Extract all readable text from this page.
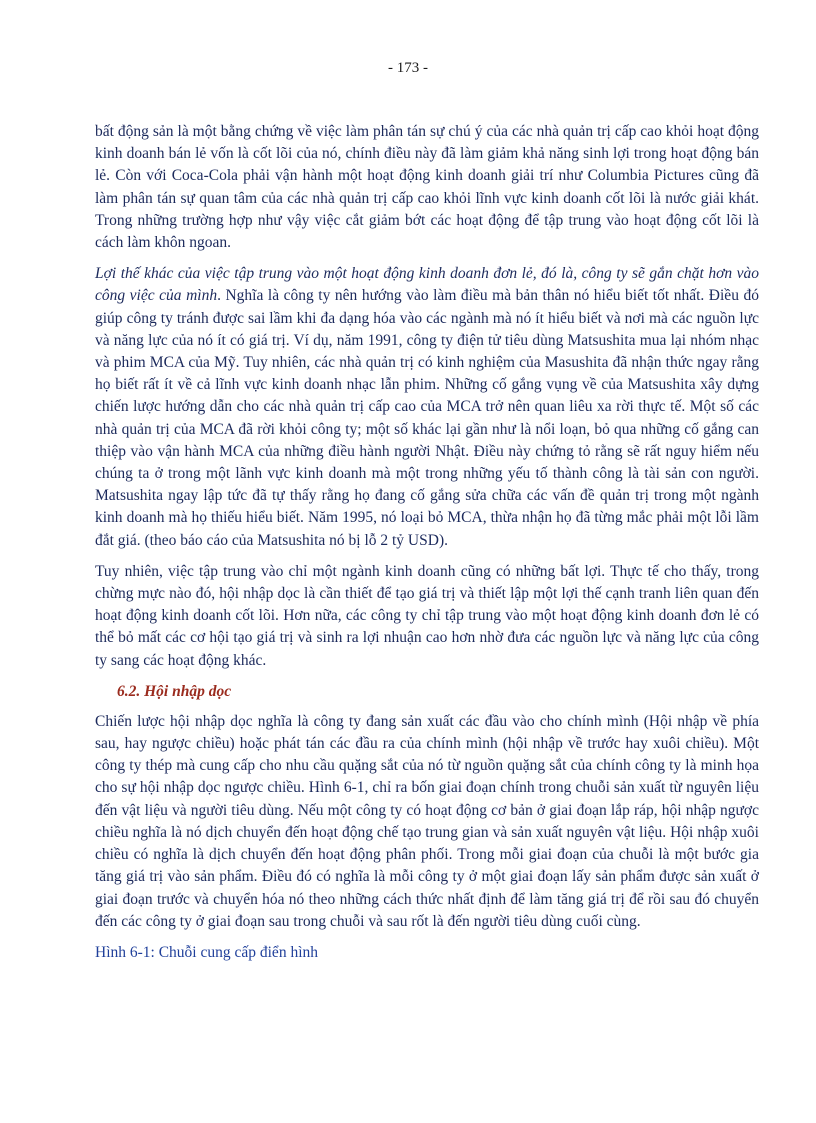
- 173 -

bất động sản là một bằng chứng về việc làm phân tán sự chú ý của các nhà quản trị cấp cao khỏi hoạt động kinh doanh bán lẻ vốn là cốt lõi của nó, chính điều này đã làm giảm khả năng sinh lợi trong hoạt động bán lẻ. Còn với Coca-Cola phải vận hành một hoạt động kinh doanh giải trí như Columbia Pictures cũng đã làm phân tán sự quan tâm của các nhà quản trị cấp cao khỏi lĩnh vực kinh doanh cốt lõi là nước giải khát. Trong những trường hợp như vậy việc cắt giảm bớt các hoạt động để tập trung vào hoạt động cốt lõi là cách làm khôn ngoan.

Lợi thế khác của việc tập trung vào một hoạt động kinh doanh đơn lẻ, đó là, công ty sẽ gắn chặt hơn vào công việc của mình. Nghĩa là công ty nên hướng vào làm điều mà bản thân nó hiểu biết tốt nhất. Điều đó giúp công ty tránh được sai lầm khi đa dạng hóa vào các ngành mà nó ít hiểu biết và nơi mà các nguồn lực và năng lực của nó ít có giá trị. Ví dụ, năm 1991, công ty điện tử tiêu dùng Matsushita mua lại nhóm nhạc và phim MCA của Mỹ. Tuy nhiên, các nhà quản trị có kinh nghiệm của Masushita đã nhận thức ngay rằng họ biết rất ít về cả lĩnh vực kinh doanh nhạc lẫn phim. Những cố gắng vụng về của Matsushita xây dựng chiến lược hướng dẫn cho các nhà quản trị cấp cao của MCA trở nên quan liêu xa rời thực tế. Một số các nhà quản trị của MCA đã rời khỏi công ty; một số khác lại gần như là nổi loạn, bỏ qua những cố gắng can thiệp vào vận hành MCA của những điều hành người Nhật. Điều này chứng tỏ rằng sẽ rất nguy hiểm nếu chúng ta ở trong một lãnh vực kinh doanh mà một trong những yếu tố thành công là tài sản con người. Matsushita ngay lập tức đã tự thấy rằng họ đang cố gắng sửa chữa các vấn đề quản trị trong một ngành kinh doanh mà họ thiếu hiểu biết. Năm 1995, nó loại bỏ MCA, thừa nhận họ đã từng mắc phải một lỗi lầm đắt giá. (theo báo cáo của Matsushita nó bị lỗ 2 tỷ USD).

Tuy nhiên, việc tập trung vào chỉ một ngành kinh doanh cũng có những bất lợi. Thực tế cho thấy, trong chừng mực nào đó, hội nhập dọc là cần thiết để tạo giá trị và thiết lập một lợi thế cạnh tranh liên quan đến hoạt động kinh doanh cốt lõi. Hơn nữa, các công ty chỉ tập trung vào một hoạt động kinh doanh đơn lẻ có thể bỏ mất các cơ hội tạo giá trị và sinh ra lợi nhuận cao hơn nhờ đưa các nguồn lực và năng lực của công ty sang các hoạt động khác.

6.2. Hội nhập dọc

Chiến lược hội nhập dọc nghĩa là công ty đang sản xuất các đầu vào cho chính mình (Hội nhập về phía sau, hay ngược chiều) hoặc phát tán các đầu ra của chính mình (hội nhập về trước hay xuôi chiều). Một công ty thép mà cung cấp cho nhu cầu quặng sắt của nó từ nguồn quặng sắt của chính công ty là minh họa cho sự hội nhập dọc ngược chiều. Hình 6-1, chỉ ra bốn giai đoạn chính trong chuỗi sản xuất từ nguyên liệu đến vật liệu và người tiêu dùng. Nếu một công ty có hoạt động cơ bản ở giai đoạn lắp ráp, hội nhập ngược chiều nghĩa là nó dịch chuyển đến hoạt động chế tạo trung gian và sản xuất nguyên vật liệu. Hội nhập xuôi chiều có nghĩa là dịch chuyển đến hoạt động phân phối. Trong mỗi giai đoạn của chuỗi là một bước gia tăng giá trị vào sản phẩm. Điều đó có nghĩa là mỗi công ty ở một giai đoạn lấy sản phẩm được sản xuất ở giai đoạn trước và chuyển hóa nó theo những cách thức nhất định để làm tăng giá trị để rồi sau đó chuyển đến các công ty ở giai đoạn sau trong chuỗi và sau rốt là đến người tiêu dùng cuối cùng.

Hình 6-1: Chuỗi cung cấp điển hình
